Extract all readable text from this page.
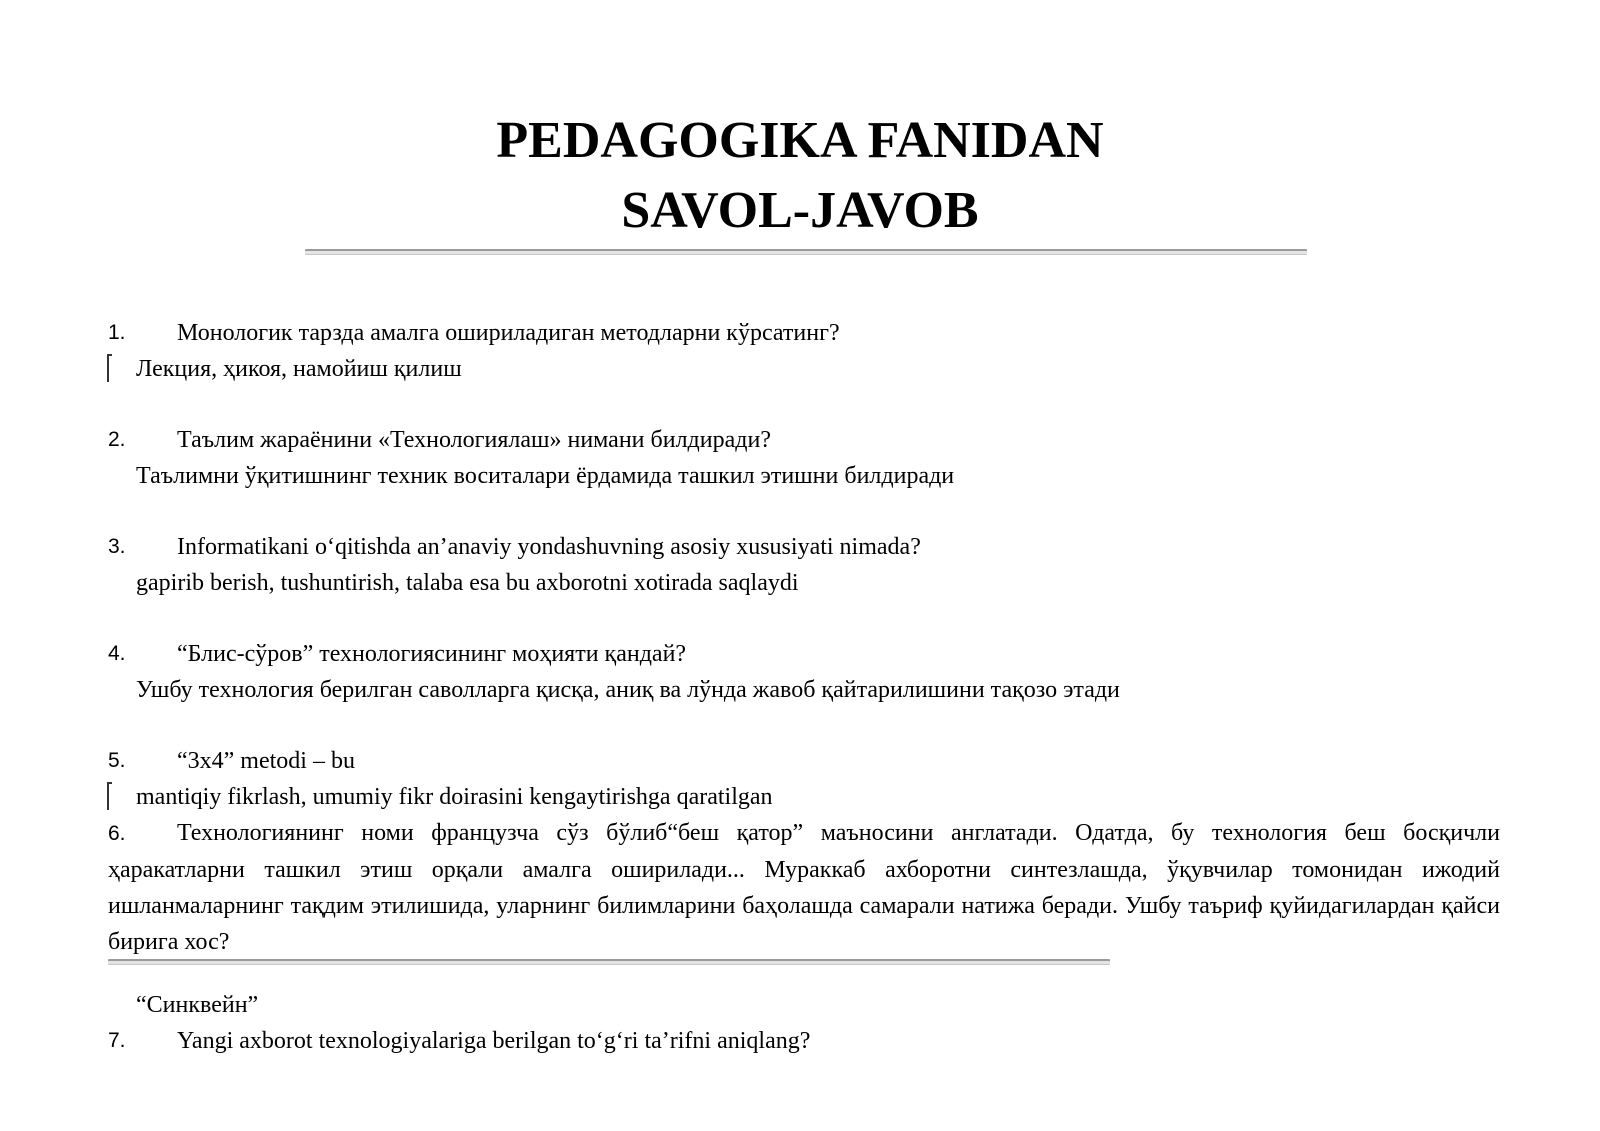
PEDAGOGIKA FANIDAN
SAVOL-JAVOB
1.	Монологик тарзда амалга ошириладиган методларни кўрсатинг?
Лекция, ҳикоя, намойиш қилиш
2.	Таълим жараёнини «Технологиялаш» нимани билдиради?
Таълимни ўқитишнинг техник воситалари ёрдамида ташкил этишни билдиради
3.	Informatikani o‘qitishda an’anaviy yondashuvning asosiy xususiyati nimada?
gapirib berish, tushuntirish, talaba esa bu axborotni xotirada saqlaydi
4.	“Блис-сўров” технологиясининг моҳияти қандай?
Ушбу технология берилган саволларга қисқа, аниқ ва лўнда жавоб қайтарилишини тақозо этади
5.	“3x4” metodi – bu
mantiqiy fikrlash, umumiy fikr doirasini kengaytirishga qaratilgan

6. Технологиянинг номи французча сўз бўлиб“беш қатор” маъносини англатади. Одатда, бу технология беш босқичли ҳаракатларни ташкил этиш орқали амалга оширилади... Мураккаб ахборотни синтезлашда, ўқувчилар томонидан ижодий ишланмаларнинг тақдим этилишида, уларнинг билимларини баҳолашда самарали натижа беради. Ушбу таъриф қуйидагилардан қайси бирига хос?

“Синквейн”
7.	Yangi axborot texnologiyalariga berilgan to‘g‘ri ta’rifni aniqlang?
